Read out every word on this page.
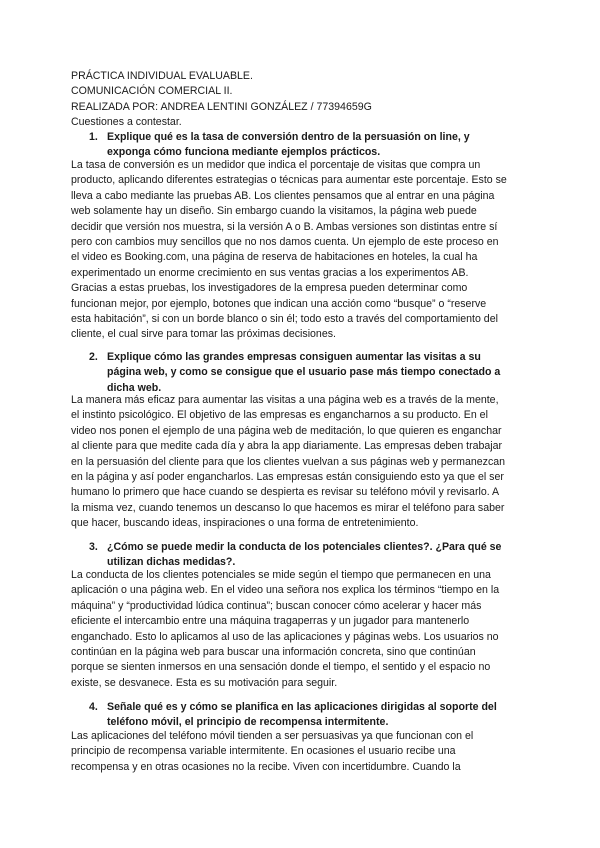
PRÁCTICA INDIVIDUAL EVALUABLE.
COMUNICACIÓN COMERCIAL II.
REALIZADA POR: ANDREA LENTINI GONZÁLEZ / 77394659G
Cuestiones a contestar.
1. Explique qué es la tasa de conversión dentro de la persuasión on line, y
exponga cómo funciona mediante ejemplos prácticos.
La tasa de conversión es un medidor que indica el porcentaje de visitas que compra un
producto, aplicando diferentes estrategias o técnicas para aumentar este porcentaje. Esto se
lleva a cabo mediante las pruebas AB. Los clientes pensamos que al entrar en una página
web solamente hay un diseño. Sin embargo cuando la visitamos, la página web puede
decidir que versión nos muestra, si la versión A o B. Ambas versiones son distintas entre sí
pero con cambios muy sencillos que no nos damos cuenta. Un ejemplo de este proceso en
el video es Booking.com, una página de reserva de habitaciones en hoteles, la cual ha
experimentado un enorme crecimiento en sus ventas gracias a los experimentos AB.
Gracias a estas pruebas, los investigadores de la empresa pueden determinar como
funcionan mejor, por ejemplo, botones que indican una acción como “busque” o “reserve
esta habitación”, si con un borde blanco o sin él; todo esto a través del comportamiento del
cliente, el cual sirve para tomar las próximas decisiones.
2. Explique cómo las grandes empresas consiguen aumentar las visitas a su
página web, y como se consigue que el usuario pase más tiempo conectado a
dicha web.
La manera más eficaz para aumentar las visitas a una página web es a través de la mente,
el instinto psicológico. El objetivo de las empresas es engancharnos a su producto. En el
video nos ponen el ejemplo de una página web de meditación, lo que quieren es enganchar
al cliente para que medite cada día y abra la app diariamente. Las empresas deben trabajar
en la persuasión del cliente para que los clientes vuelvan a sus páginas web y permanezcan
en la página y así poder engancharlos. Las empresas están consiguiendo esto ya que el ser
humano lo primero que hace cuando se despierta es revisar su teléfono móvil y revisarlo. A
la misma vez, cuando tenemos un descanso lo que hacemos es mirar el teléfono para saber
que hacer, buscando ideas, inspiraciones o una forma de entretenimiento.
3. ¿Cómo se puede medir la conducta de los potenciales clientes?. ¿Para qué se
utilizan dichas medidas?.
La conducta de los clientes potenciales se mide según el tiempo que permanecen en una
aplicación o una página web. En el video una señora nos explica los términos “tiempo en la
máquina” y “productividad lúdica continua”; buscan conocer cómo acelerar y hacer más
eficiente el intercambio entre una máquina tragaperras y un jugador para mantenerlo
enganchado. Esto lo aplicamos al uso de las aplicaciones y páginas webs. Los usuarios no
continúan en la página web para buscar una información concreta, sino que continúan
porque se sienten inmersos en una sensación donde el tiempo, el sentido y el espacio no
existe, se desvanece. Esta es su motivación para seguir.
4. Señale qué es y cómo se planifica en las aplicaciones dirigidas al soporte del
teléfono móvil, el principio de recompensa intermitente.
Las aplicaciones del teléfono móvil tienden a ser persuasivas ya que funcionan con el
principio de recompensa variable intermitente. En ocasiones el usuario recibe una
recompensa y en otras ocasiones no la recibe. Viven con incertidumbre. Cuando la
